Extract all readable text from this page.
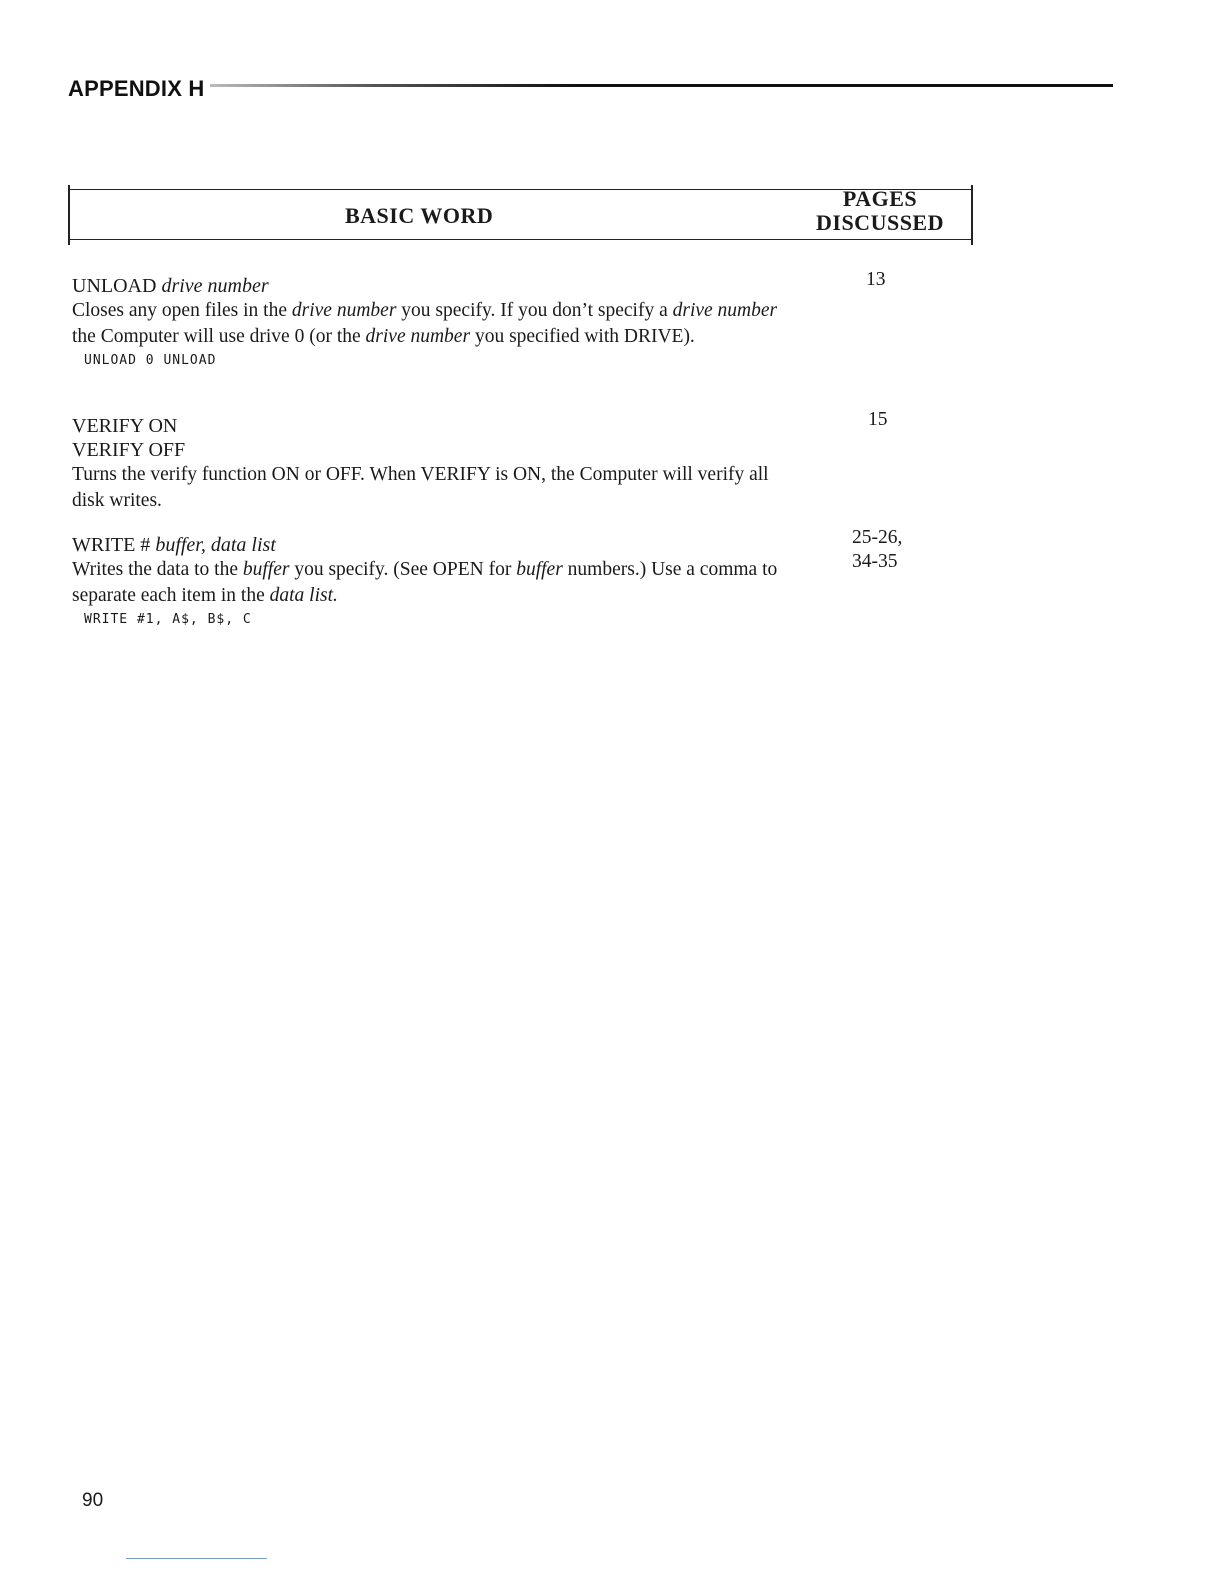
APPENDIX H
BASIC WORD
PAGES
DISCUSSED

UNLOAD drive number

Closes any open files in the drive number you specify. If you don’t specify a drive number the Computer will use drive 0 (or the drive number you specified with DRIVE).

UNLOAD 0 UNLOAD

13

VERIFY ON

VERIFY OFF

Turns the verify function ON or OFF. When VERIFY is ON, the Computer will verify all disk writes.

15

WRITE # buffer, data list

Writes the data to the buffer you specify. (See OPEN for buffer numbers.) Use a comma to separate each item in the data list.

WRITE #1, A$, B$, C

25-26,
34-35
90
